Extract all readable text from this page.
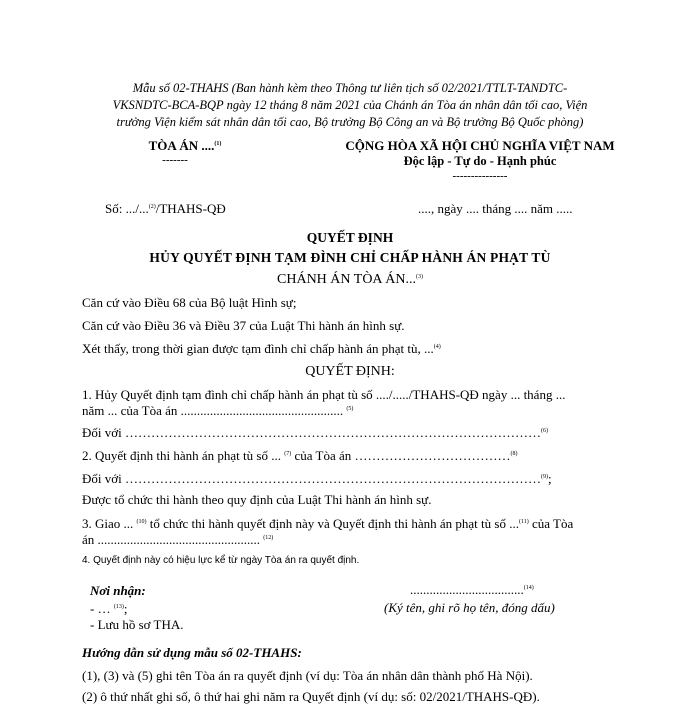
Mẫu số 02-THAHS (Ban hành kèm theo Thông tư liên tịch số 02/2021/TTLT-TANDTC-
VKSNDTC-BCA-BQP ngày 12 tháng 8 năm 2021 của Chánh án Tòa án nhân dân tối cao, Viện
trưởng Viện kiểm sát nhân dân tối cao, Bộ trưởng Bộ Công an và Bộ trưởng Bộ Quốc phòng)
TÒA ÁN ....$^{(1)}$
-------
CỘNG HÒA XÃ HỘI CHỦ NGHĨA VIỆT NAM
Độc lập - Tự do - Hạnh phúc
---------------
Số: .../...$^{(2)}$/THAHS-QĐ	...., ngày .... tháng .... năm .....
QUYẾT ĐỊNH
HỦY QUYẾT ĐỊNH TẠM ĐÌNH CHỈ CHẤP HÀNH ÁN PHẠT TÙ
CHÁNH ÁN TÒA ÁN...$^{(3)}$
Căn cứ vào Điều 68 của Bộ luật Hình sự;
Căn cứ vào Điều 36 và Điều 37 của Luật Thi hành án hình sự.
Xét thấy, trong thời gian được tạm đình chỉ chấp hành án phạt tù, ...$^{(4)}$
QUYẾT ĐỊNH:
1. Hủy Quyết định tạm đình chỉ chấp hành án phạt tù số ..../...../THAHS-QĐ ngày ... tháng ...
năm ... của Tòa án .................................................. $^{(5)}$
Đối với ……………………………………………………………………………………$^{(6)}$
2. Quyết định thi hành án phạt tù số ... $^{(7)}$ của Tòa án ………………………………$^{(8)}$
Đối với ……………………………………………………………………………………$^{(9)}$;
Được tổ chức thi hành theo quy định của Luật Thi hành án hình sự.
3. Giao ... $^{(10)}$ tổ chức thi hành quyết định này và Quyết định thi hành án phạt tù số ...$^{(11)}$ của Tòa
án .................................................. $^{(12)}$
4. Quyết định này có hiệu lực kể từ ngày Tòa án ra quyết định.
Nơi nhận:
- … $^{(13)}$;
- Lưu hồ sơ THA.
...................................$^{(14)}$
(Ký tên, ghi rõ họ tên, đóng dấu)
Hướng dẫn sử dụng mẫu số 02-THAHS:
(1), (3) và (5) ghi tên Tòa án ra quyết định (ví dụ: Tòa án nhân dân thành phố Hà Nội).
(2) ô thứ nhất ghi số, ô thứ hai ghi năm ra Quyết định (ví dụ: số: 02/2021/THAHS-QĐ).
